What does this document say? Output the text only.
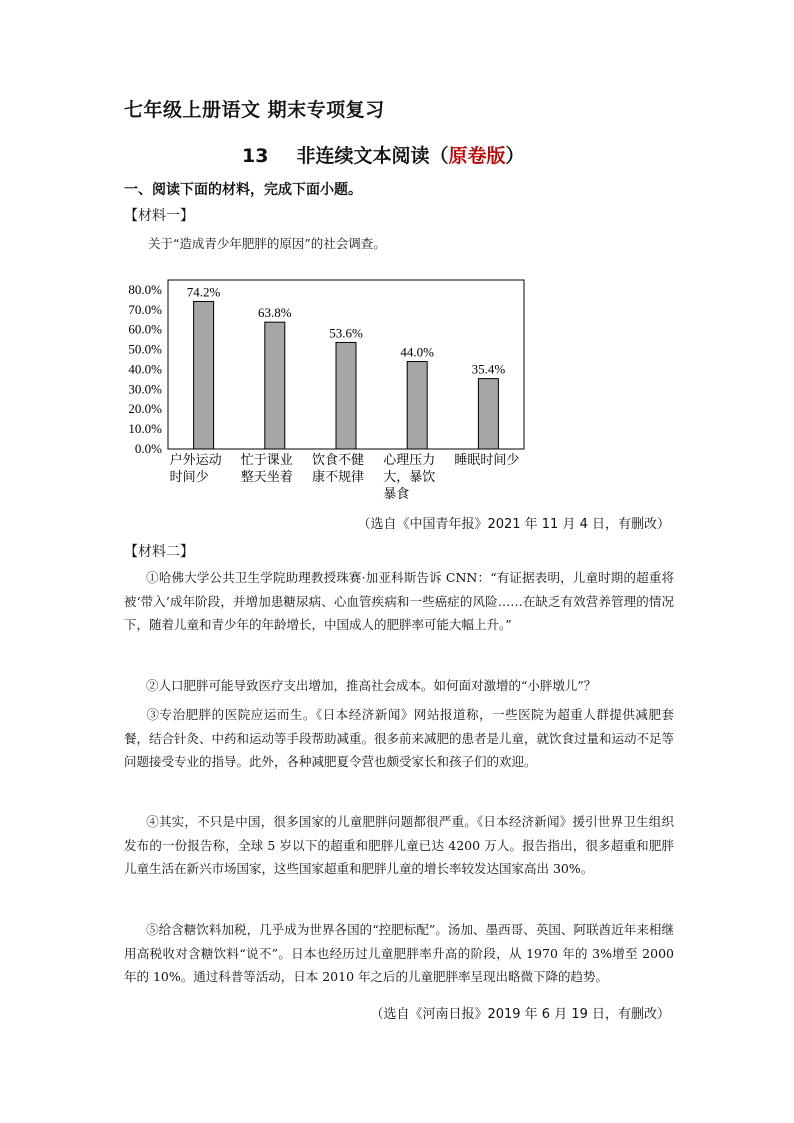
七年级上册语文 期末专项复习
13 非连续文本阅读（原卷版）
一、阅读下面的材料，完成下面小题。
【材料一】
关于“造成青少年肥胖的原因”的社会调查。
0.0%
10.0%
20.0%
30.0%
40.0%
50.0%
60.0%
70.0%
80.0% 74.2%
户外运动
时间少
63.8%
忙于课业
整天坐着
53.6%
饮食不健
康不规律
44.0%
心理压力
大，暴饮
暴食
35.4%
睡眠时间少
（选自《中国青年报》2021 年 11 月 4 日，有删改）
【材料二】
①哈佛大学公共卫生学院助理教授珠赛·加亚科斯告诉 CNN：“有证据表明，儿童时期的超重将被‘带入’成年阶段，并增加患糖尿病、心血管疾病和一些癌症的风险……在缺乏有效营养管理的情况下，随着儿童和青少年的年龄增长，中国成人的肥胖率可能大幅上升。”
②人口肥胖可能导致医疗支出增加，推高社会成本。如何面对激增的“小胖墩儿”？
③专治肥胖的医院应运而生。《日本经济新闻》网站报道称，一些医院为超重人群提供减肥套餐，结合针灸、中药和运动等手段帮助减重。很多前来减肥的患者是儿童，就饮食过量和运动不足等问题接受专业的指导。此外，各种减肥夏令营也颇受家长和孩子们的欢迎。
④其实，不只是中国，很多国家的儿童肥胖问题都很严重。《日本经济新闻》援引世界卫生组织发布的一份报告称，全球 5 岁以下的超重和肥胖儿童已达 4200 万人。报告指出，很多超重和肥胖儿童生活在新兴市场国家，这些国家超重和肥胖儿童的增长率较发达国家高出 30%。
⑤给含糖饮料加税，几乎成为世界各国的“控肥标配”。汤加、墨西哥、英国、阿联酋近年来相继用高税收对含糖饮料“说不”。日本也经历过儿童肥胖率升高的阶段，从 1970 年的 3%增至 2000 年的 10%。通过科普等活动，日本 2010 年之后的儿童肥胖率呈现出略微下降的趋势。
（选自《河南日报》2019 年 6 月 19 日，有删改）
